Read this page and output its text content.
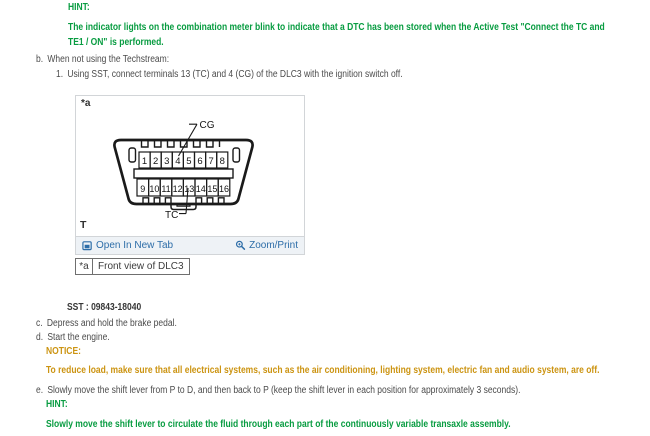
HINT:
The indicator lights on the combination meter blink to indicate that a DTC has been stored when the Active Test "Connect the TC and TE1 / ON" is performed.
b. When not using the Techstream:
1. Using SST, connect terminals 13 (TC) and 4 (CG) of the DLC3 with the ignition switch off.
*a
1 2 3 4 5 6 7 8
9 10 11 12 13 14 15 16
CG
TC
T
Open In New Tab	Zoom/Print
*a Front view of DLC3
SST : 09843-18040
c. Depress and hold the brake pedal.
d. Start the engine.
NOTICE:
To reduce load, make sure that all electrical systems, such as the air conditioning, lighting system, electric fan and audio system, are off.
e. Slowly move the shift lever from P to D, and then back to P (keep the shift lever in each position for approximately 3 seconds).
HINT:
Slowly move the shift lever to circulate the fluid through each part of the continuously variable transaxle assembly.
